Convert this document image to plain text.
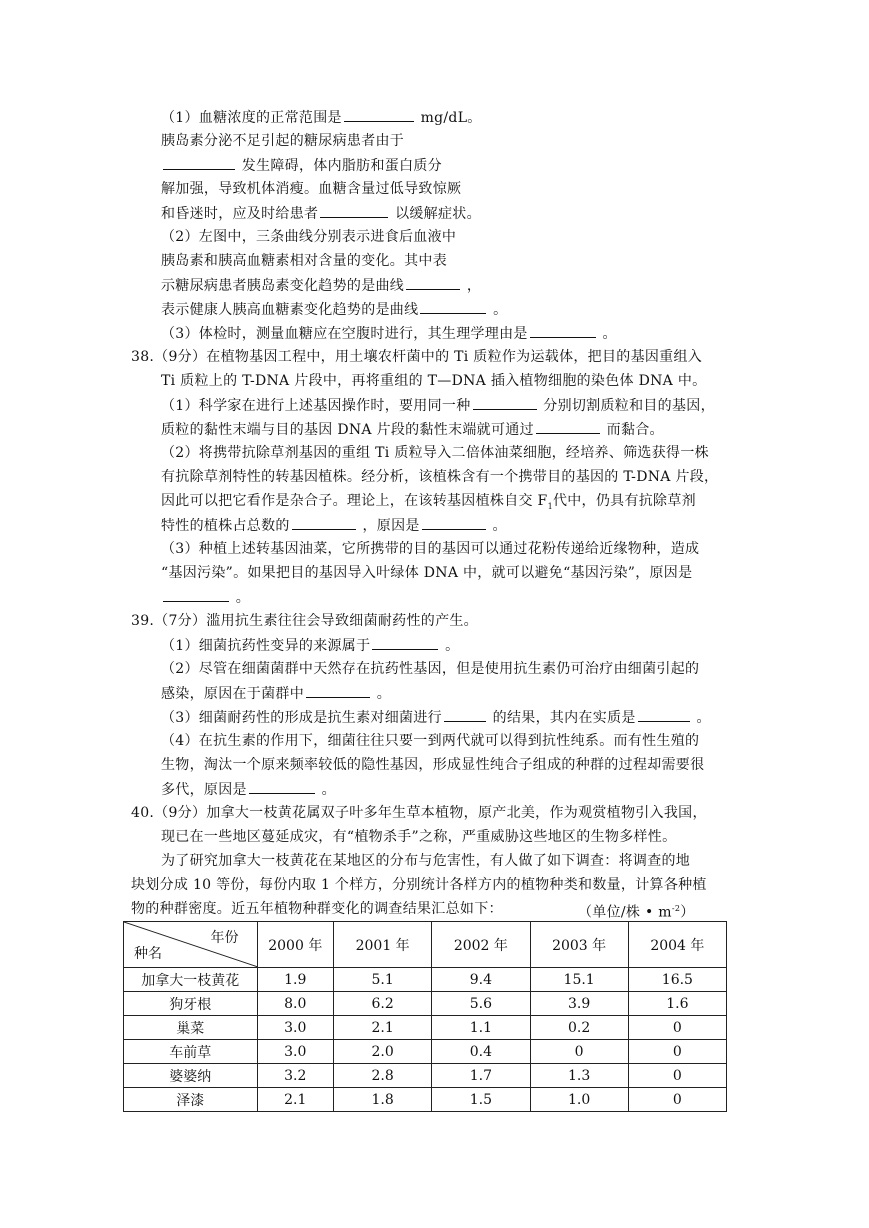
（1）血糖浓度的正常范围是	mg/dL。
胰岛素分泌不足引起的糖尿病患者由于
发生障碍，体内脂肪和蛋白质分
解加强，导致机体消瘦。血糖含量过低导致惊厥
和昏迷时，应及时给患者	以缓解症状。
（2）左图中，三条曲线分别表示进食后血液中
胰岛素和胰高血糖素相对含量的变化。其中表
示糖尿病患者胰岛素变化趋势的是曲线	，
表示健康人胰高血糖素变化趋势的是曲线	。
（3）体检时，测量血糖应在空腹时进行，其生理学理由是	。
38.（9分）在植物基因工程中，用土壤农杆菌中的 Ti 质粒作为运载体，把目的基因重组入
Ti 质粒上的 T-DNA 片段中，再将重组的 T—DNA 插入植物细胞的染色体 DNA 中。
（1）科学家在进行上述基因操作时，要用同一种	分别切割质粒和目的基因，
质粒的黏性末端与目的基因 DNA 片段的黏性末端就可通过	而黏合。
（2）将携带抗除草剂基因的重组 Ti 质粒导入二倍体油菜细胞，经培养、筛选获得一株
有抗除草剂特性的转基因植株。经分析，该植株含有一个携带目的基因的 T-DNA 片段，
因此可以把它看作是杂合子。理论上，在该转基因植株自交 $F_1$代中，仍具有抗除草剂
特性的植株占总数的	，原因是	。
（3）种植上述转基因油菜，它所携带的目的基因可以通过花粉传递给近缘物种，造成
“基因污染”。如果把目的基因导入叶绿体 DNA 中，就可以避免“基因污染”，原因是
。
39.（7分）滥用抗生素往往会导致细菌耐药性的产生。
（1）细菌抗药性变异的来源属于	。
（2）尽管在细菌菌群中天然存在抗药性基因，但是使用抗生素仍可治疗由细菌引起的
感染，原因在于菌群中	。
（3）细菌耐药性的形成是抗生素对细菌进行	的结果，其内在实质是	。
（4）在抗生素的作用下，细菌往往只要一到两代就可以得到抗性纯系。而有性生殖的
生物，淘汰一个原来频率较低的隐性基因，形成显性纯合子组成的种群的过程却需要很
多代，原因是	。
40.（9分）加拿大一枝黄花属双子叶多年生草本植物，原产北美，作为观赏植物引入我国，
现已在一些地区蔓延成灾，有“植物杀手”之称，严重威胁这些地区的生物多样性。
为了研究加拿大一枝黄花在某地区的分布与危害性，有人做了如下调查：将调查的地
块划分成 10 等份，每份内取 1 个样方，分别统计各样方内的植物种类和数量，计算各种植
物的种群密度。近五年植物种群变化的调查结果汇总如下：	（单位/株 • $m^{-2}$）
年份
种名	2000 年	2001 年	2002 年	2003 年	2004 年
加拿大一枝黄花	1.9	5.1	9.4	15.1	16.5
狗牙根	8.0	6.2	5.6	3.9	1.6
巢菜	3.0	2.1	1.1	0.2	0
车前草	3.0	2.0	0.4	0	0
婆婆纳	3.2	2.8	1.7	1.3	0
泽漆	2.1	1.8	1.5	1.0	0
